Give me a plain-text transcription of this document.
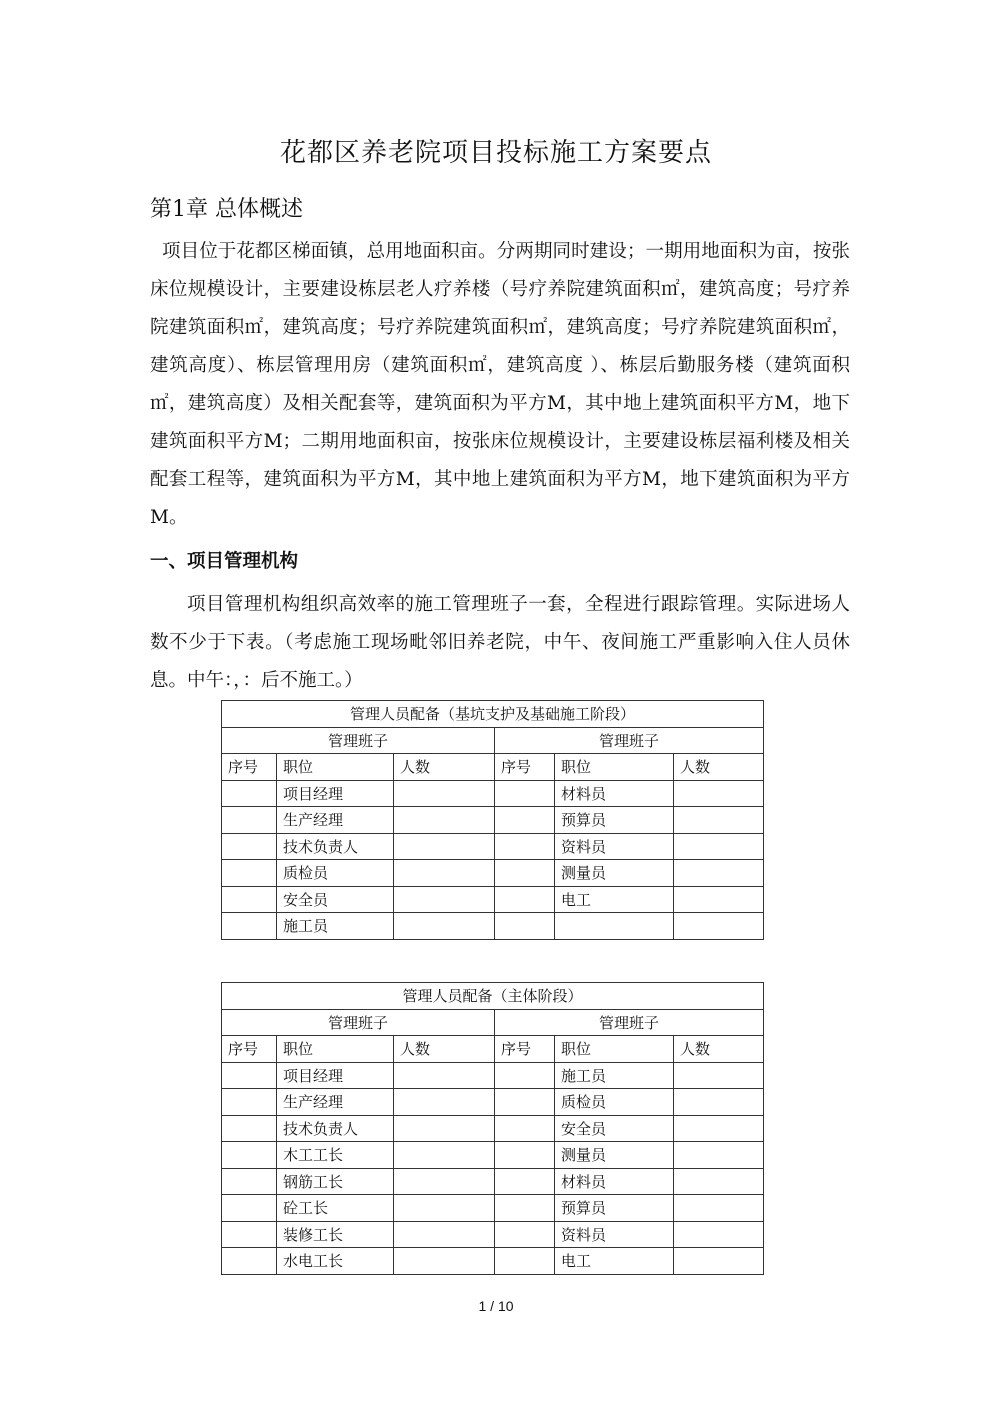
花都区养老院项目投标施工方案要点
第1章 总体概述
项目位于花都区梯面镇，总用地面积亩。分两期同时建设；一期用地面积为亩，按张床位规模设计，主要建设栋层老人疗养楼（号疗养院建筑面积㎡，建筑高度；号疗养院建筑面积㎡，建筑高度；号疗养院建筑面积㎡，建筑高度；号疗养院建筑面积㎡，建筑高度）、栋层管理用房（建筑面积㎡，建筑高度 ）、栋层后勤服务楼（建筑面积㎡，建筑高度）及相关配套等，建筑面积为平方M，其中地上建筑面积平方M，地下建筑面积平方M；二期用地面积亩，按张床位规模设计，主要建设栋层福利楼及相关配套工程等，建筑面积为平方M，其中地上建筑面积为平方M，地下建筑面积为平方M。
一、项目管理机构
项目管理机构组织高效率的施工管理班子一套，全程进行跟踪管理。实际进场人数不少于下表。（考虑施工现场毗邻旧养老院，中午、夜间施工严重影响入住人员休息。中午：，：后不施工。）
管理人员配备（基坑支护及基础施工阶段）					
管理班子			管理班子		
序号	职位	人数	序号	职位	人数
	项目经理			材料员	
	生产经理			预算员	
	技术负责人			资料员	
	质检员			测量员	
	安全员			电工	
	施工员				
管理人员配备（主体阶段）					
管理班子			管理班子		
序号	职位	人数	序号	职位	人数
	项目经理			施工员	
	生产经理			质检员	
	技术负责人			安全员	
	木工工长			测量员	
	钢筋工长			材料员	
	砼工长			预算员	
	装修工长			资料员	
	水电工长			电工	
1 / 10
